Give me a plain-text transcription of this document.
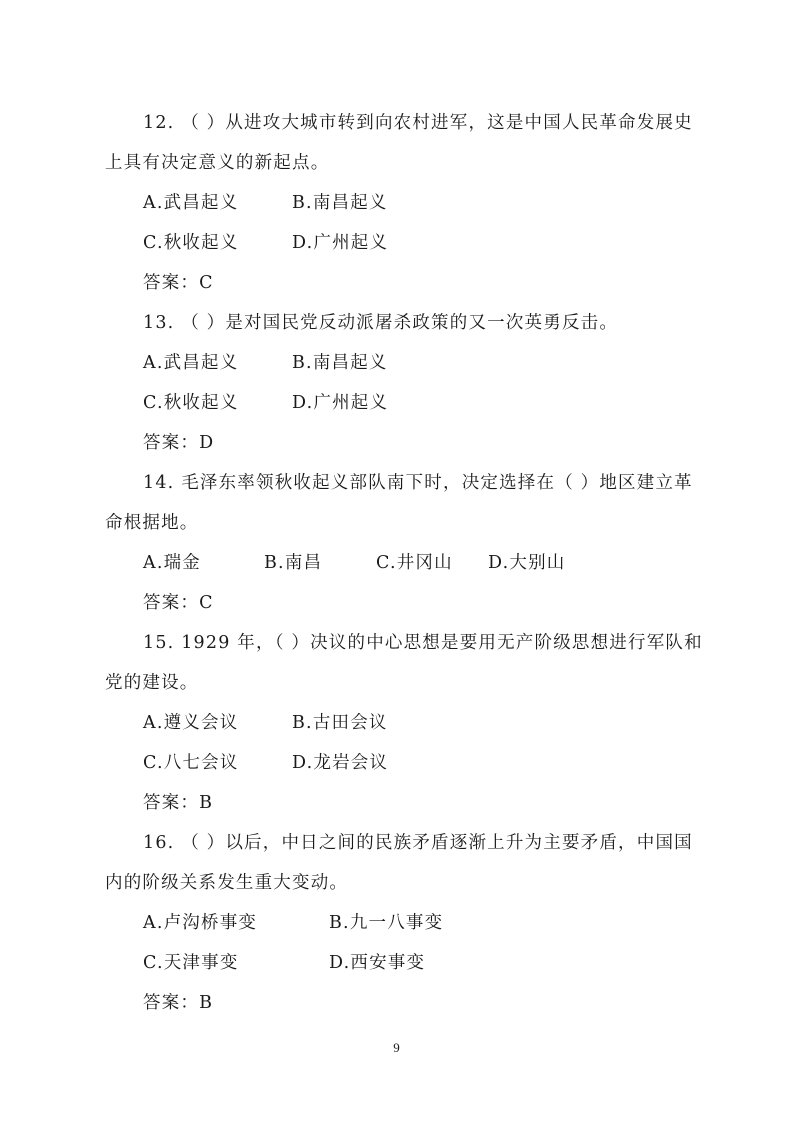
12. （ ）从进攻大城市转到向农村进军，这是中国人民革命发展史
上具有决定意义的新起点。
A.武昌起义	B.南昌起义
C.秋收起义	D.广州起义
答案：C
13. （ ）是对国民党反动派屠杀政策的又一次英勇反击。
A.武昌起义	B.南昌起义
C.秋收起义	D.广州起义
答案：D
14. 毛泽东率领秋收起义部队南下时，决定选择在（ ）地区建立革
命根据地。
A.瑞金	B.南昌	C.井冈山 D.大别山
答案：C
15. 1929 年，（ ）决议的中心思想是要用无产阶级思想进行军队和
党的建设。
A.遵义会议	B.古田会议
C.八七会议	D.龙岩会议
答案：B
16. （ ）以后，中日之间的民族矛盾逐渐上升为主要矛盾，中国国
内的阶级关系发生重大变动。
A.卢沟桥事变	B.九一八事变
C.天津事变	D.西安事变
答案：B
9
